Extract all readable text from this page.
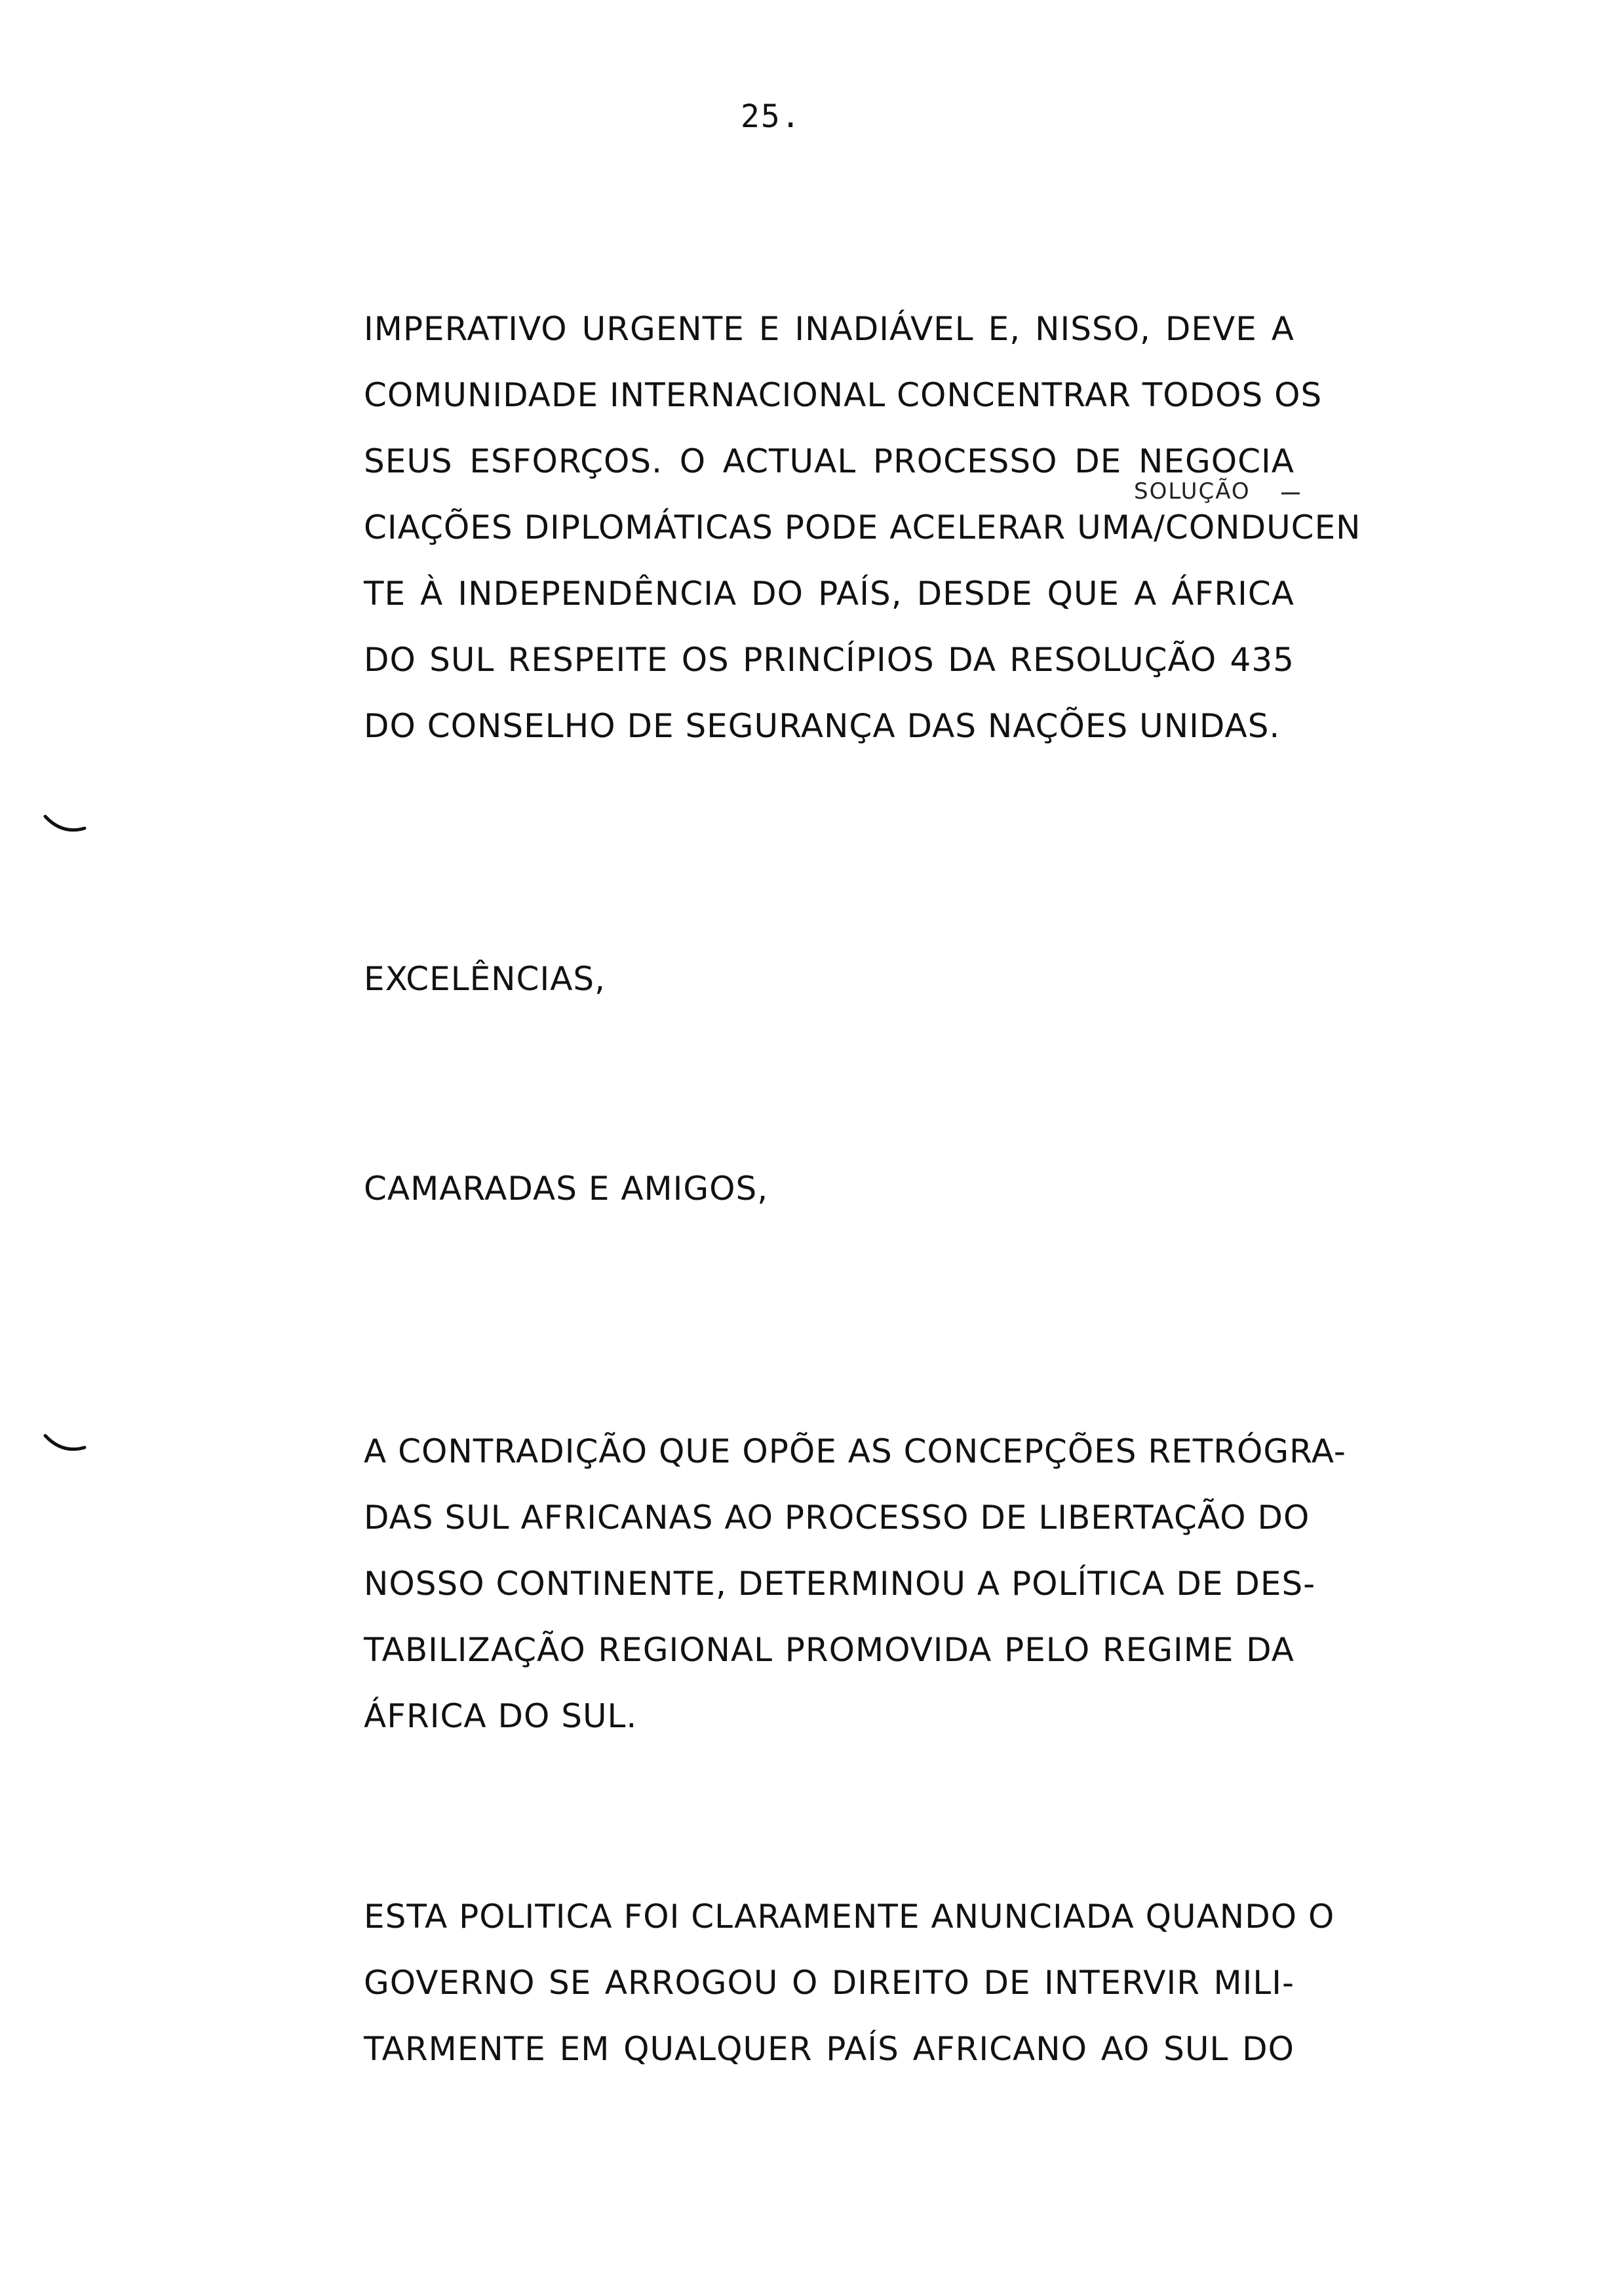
25.
IMPERATIVO URGENTE E INADIÁVEL E, NISSO, DEVE A
COMUNIDADE INTERNACIONAL CONCENTRAR TODOS OS
SEUS ESFORÇOS. O ACTUAL PROCESSO DE NEGOCIA
CIAÇÕES DIPLOMÁTICAS PODE ACELERAR UMA/CONDUCEN
TE À INDEPENDÊNCIA DO PAÍS, DESDE QUE A ÁFRICA
DO SUL RESPEITE OS PRINCÍPIOS DA RESOLUÇÃO 435
DO CONSELHO DE SEGURANÇA DAS NAÇÕES UNIDAS.
SOLUÇÃO
EXCELÊNCIAS,
CAMARADAS E AMIGOS,
A CONTRADIÇÃO QUE OPÕE AS CONCEPÇÕES RETRÓGRA-
DAS SUL AFRICANAS AO PROCESSO DE LIBERTAÇÃO DO
NOSSO CONTINENTE, DETERMINOU A POLÍTICA DE DES-
TABILIZAÇÃO REGIONAL PROMOVIDA PELO REGIME DA
ÁFRICA DO SUL.
ESTA POLITICA FOI CLARAMENTE ANUNCIADA QUANDO O
GOVERNO SE ARROGOU O DIREITO DE INTERVIR MILI-
TARMENTE EM QUALQUER PAÍS AFRICANO AO SUL DO
